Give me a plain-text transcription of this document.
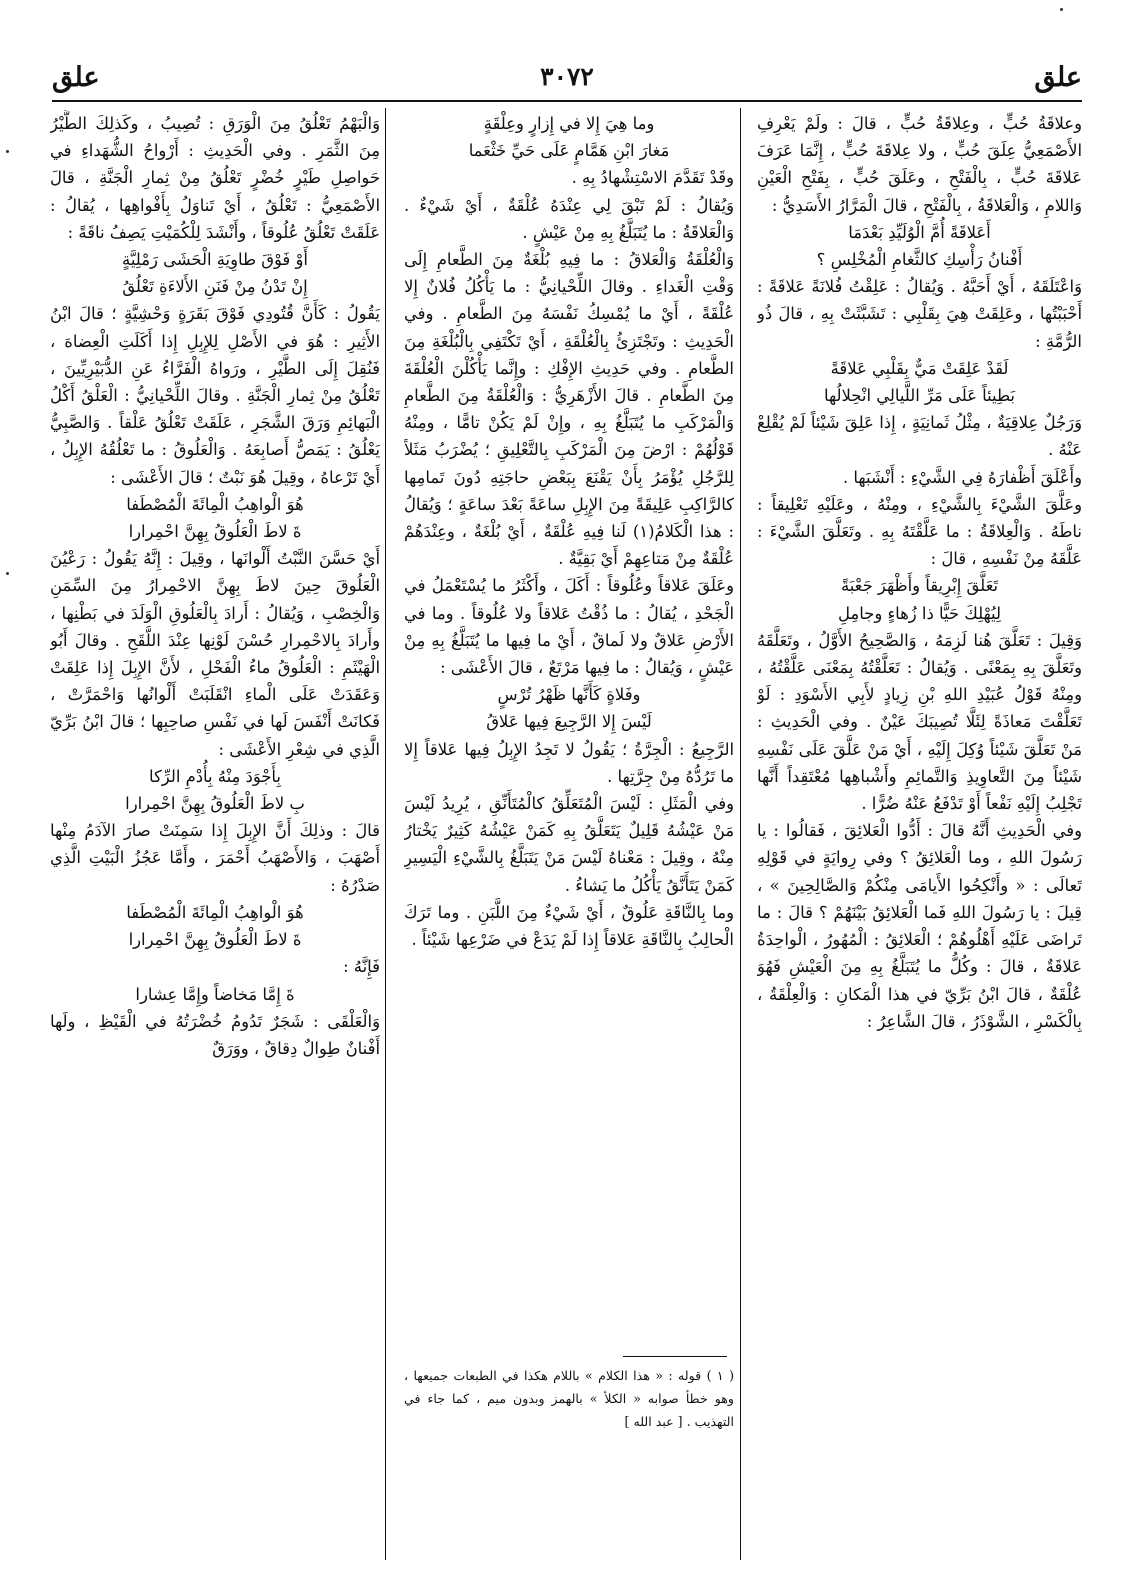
علق
٣٠٧٢
علق

وعلاقَةُ حُبٍّ ، وعِلاقَةُ حُبٍّ ، قالَ : ولَمْ يَعْرِفِ الأَصْمَعِيُّ عِلَقَ حُبٍّ ، ولا عِلاقَةَ حُبٍّ ، إِنَّمَا عَرَفَ عَلاقَةَ حُبٍّ ، بِالْفَتْحِ ، وعَلَقَ حُبٍّ ، بِفَتْحِ الْعَيْنِ وَاللامِ ، وَالْعَلاقَةُ ، بِالْفَتْحِ ، قالَ الْمَرَّارُ الأَسَدِيُّ :

أَعَلاقَةً أُمَّ الْوُلَيِّدِ بَعْدَمَا

أَفْنانُ رَأْسِكِ كالثَّغامِ الْمُخْلِسِ ؟

وَاعْتَلَقَهُ ، أَيْ أَحَبَّهُ . وَيُقالُ : عَلِقْتُ فُلانَةً عَلاقَةً : أَحْبَبْتُها ، وعَلِقَتْ هِيَ بِقَلْبِي : تَشَبَّثَتْ بِهِ ، قالَ ذُو الرُّمَّةِ :

لَقَدْ عَلِقَتْ مَيٌّ بِقَلْبِي عَلاقَةً

بَطِيئاً عَلَى مَرِّ اللَّيالِي انْحِلالُها

وَرَجُلٌ عِلاقِيَةٌ ، مِثْلُ ثَمانِيَةٍ ، إِذا عَلِقَ شَيْئاً لَمْ يُقْلِعْ عَنْهُ .

وأَعْلَقَ أَظْفارَهُ فِي الشَّيْءِ : أَنْشَبَها .

وعَلَّقَ الشَّيْءَ بِالشَّيْءِ ، ومِنْهُ ، وعَلَيْهِ تَعْلِيقاً : ناطَهُ . وَالْعِلاقَةُ : ما عَلَّقْتَهُ بِهِ . وتَعَلَّقَ الشَّيْءَ : عَلَّقَهُ مِنْ نَفْسِهِ ، قالَ :

تَعَلَّقَ إِبْرِيقاً وأَظْهَرَ جَعْبَةً

لِيُهْلِكَ حَيًّا ذا زُهاءٍ وجامِلِ

وَقِيلَ : تَعَلَّقَ هُنا لَزِمَهُ ، وَالصَّحِيحُ الأَوَّلُ ، وتَعَلَّقَهُ وتَعَلَّقَ بِهِ بِمَعْنًى . وَيُقالُ : تَعَلَّقْتُهُ بِمَعْنَى عَلَّقْتُهُ ، ومِنْهُ قَوْلُ عُبَيْدِ اللهِ بْنِ زِيادٍ لأَبِي الأَسْوَدِ : لَوْ تَعَلَّقْتَ مَعاذَةً لِئَلَّا تُصِيبَكَ عَيْنٌ . وفي الْحَدِيثِ : مَنْ تَعَلَّقَ شَيْئاً وُكِلَ إِلَيْهِ ، أَيْ مَنْ عَلَّقَ عَلَى نَفْسِهِ شَيْئاً مِنَ التَّعاوِيذِ وَالتَّمائِمِ وأَشْباهِها مُعْتَقِداً أَنَّها تَجْلِبُ إِلَيْهِ نَفْعاً أَوْ تَدْفَعُ عَنْهُ ضُرًّا .

وفي الْحَدِيثِ أَنَّهُ قالَ : أَدُّوا الْعَلائِقَ ، فَقالُوا : يا رَسُولَ اللهِ ، وما الْعَلائِقُ ؟ وفي رِوايَةٍ في قَوْلِهِ تَعالَى : « وأَنْكِحُوا الأَيامَى مِنْكُمْ وَالصَّالِحِينَ » ، قِيلَ : يا رَسُولَ اللهِ فَما الْعَلائِقُ بَيْنَهُمْ ؟ قالَ : ما تَراضَى عَلَيْهِ أَهْلُوهُمْ ؛ الْعَلائِقُ : الْمُهُورُ ، الْواحِدَةُ عَلاقَةٌ ، قالَ : وكُلُّ ما يُتَبَلَّغُ بِهِ مِنَ الْعَيْشِ فَهُوَ عُلْقَةٌ ، قالَ ابْنُ بَرِّيّ في هذا الْمَكانِ : وَالْعِلْقَةُ ، بِالْكَسْرِ ، الشَّوْذَرُ ، قالَ الشَّاعِرُ :

وما هِيَ إِلا في إِزارٍ وعِلْقَةٍ

مَغارَ ابْنِ هَمَّامٍ عَلَى حَيِّ خَثْعَما

وقَدْ تَقَدَّمَ الاسْتِشْهادُ بِهِ .

وَيُقالُ : لَمْ تَبْقَ لِي عِنْدَهُ عُلْقَةٌ ، أَيْ شَيْءٌ . وَالْعَلاقَةُ : ما يُتَبَلَّغُ بِهِ مِنْ عَيْشٍ .

وَالْعُلْقَةُ وَالْعَلاقُ : ما فِيهِ بُلْغَةٌ مِنَ الطَّعامِ إِلَى وَقْتِ الْغَداءِ . وقالَ اللِّحْيانِيُّ : ما يَأْكُلُ فُلانٌ إِلا عُلْقَةً ، أَيْ ما يُمْسِكُ نَفْسَهُ مِنَ الطَّعامِ . وفي الْحَدِيثِ : وتَجْتَزِئُ بِالْعُلْقَةِ ، أَيْ تَكْتَفِي بِالْبُلْغَةِ مِنَ الطَّعامِ . وفي حَدِيثِ الإِفْكِ : وإِنَّما يَأْكُلْنَ الْعُلْقَةَ مِنَ الطَّعامِ . قالَ الأَزْهَرِيُّ : وَالْعُلْقَةُ مِنَ الطَّعامِ وَالْمَرْكَبِ ما يُتَبَلَّغُ بِهِ ، وإِنْ لَمْ يَكُنْ تامًّا ، ومِنْهُ قَوْلُهُمْ : ارْضَ مِنَ الْمَرْكَبِ بِالتَّعْلِيقِ ؛ يُضْرَبُ مَثَلاً لِلرَّجُلِ يُؤْمَرُ بِأَنْ يَقْنَعَ بِبَعْضِ حاجَتِهِ دُونَ تَمامِها كالرَّاكِبِ عَلِيقَةً مِنَ الإِبِلِ ساعَةً بَعْدَ ساعَةٍ ؛ وَيُقالُ : هذا الْكَلامُ(١) لَنا فِيهِ عُلْقَةٌ ، أَيْ بُلْغَةٌ ، وعِنْدَهُمْ عُلْقَةٌ مِنْ مَتاعِهِمْ أَيْ بَقِيَّةٌ .

وعَلَقَ عَلاقاً وعُلُوقاً : أَكَلَ ، وأَكْثَرُ ما يُسْتَعْمَلُ في الْجَحْدِ ، يُقالُ : ما ذُقْتُ عَلاقاً ولا عُلُوقاً . وما في الأَرْضِ عَلاقٌ ولا لَماقٌ ، أَيْ ما فِيها ما يُتَبَلَّغُ بِهِ مِنْ عَيْشٍ ، وَيُقالُ : ما فِيها مَرْتَعٌ ، قالَ الأَعْشَى :

وفَلاةٍ كَأَنَّها ظَهْرُ تُرْسٍ

لَيْسَ إِلا الرَّجِيعَ فِيها عَلاقُ

الرَّجِيعُ : الْجِرَّةُ ؛ يَقُولُ لا تَجِدُ الإِبِلُ فِيها عَلاقاً إِلا ما تَرُدُّهُ مِنْ جِرَّتِها .

وفي الْمَثَلِ : لَيْسَ الْمُتَعَلِّقُ كالْمُتَأَنِّقِ ، يُرِيدُ لَيْسَ مَنْ عَيْشُهُ قَلِيلٌ يَتَعَلَّقُ بِهِ كَمَنْ عَيْشُهُ كَثِيرٌ يَخْتارُ مِنْهُ ، وقِيلَ : مَعْناهُ لَيْسَ مَنْ يَتَبَلَّغُ بِالشَّيْءِ الْيَسِيرِ كَمَنْ يَتَأَنَّقُ يَأْكُلُ ما يَشاءُ .

وما بِالنَّاقَةِ عَلُوقٌ ، أَيْ شَيْءٌ مِنَ اللَّبَنِ . وما تَرَكَ الْحالِبُ بِالنَّاقَةِ عَلاقاً إِذا لَمْ يَدَعْ في ضَرْعِها شَيْئاً .

( ١ ) قوله : « هذا الكلام » باللام هكذا في الطبعات جميعها ، وهو خطأ صوابه « الكلأ » بالهمز وبدون ميم ، كما جاء في التهذيب . [ عبد الله ]

وَالْبَهْمُ تَعْلُقُ مِنَ الْوَرَقِ : تُصِيبُ ، وكَذلِكَ الطَّيْرُ مِنَ الثَّمَرِ . وفي الْحَدِيثِ : أَرْواحُ الشُّهَداءِ في حَواصِلِ طَيْرٍ خُضْرٍ تَعْلُقُ مِنْ ثِمارِ الْجَنَّةِ ، قالَ الأَصْمَعِيُّ : تَعْلُقُ ، أَيْ تَناوَلُ بِأَفْواهِها ، يُقالُ : عَلَقَتْ تَعْلُقُ عُلُوقاً ، وأَنْشَدَ لِلْكُمَيْتِ يَصِفُ ناقَةً :

أَوْ فَوْقَ طاوِيَةِ الْحَشَى رَمْلِيَّةٍ

إِنْ تَدْنُ مِنْ فَنَنِ الأَلاءَةِ تَعْلُقُ

يَقُولُ : كَأَنَّ قُتُودِي فَوْقَ بَقَرَةٍ وَحْشِيَّةٍ ؛ قالَ ابْنُ الأَثِيرِ : هُوَ في الأَصْلِ لِلإِبِلِ إِذا أَكَلَتِ الْعِضاهَ ، فَنُقِلَ إِلَى الطَّيْرِ ، ورَواهُ الْفَرَّاءُ عَنِ الدُّبَيْرِيِّينَ ، تَعْلُقُ مِنْ ثِمارِ الْجَنَّةِ . وقالَ اللِّحْيانِيُّ : الْعَلْقُ أَكْلُ الْبَهائِمِ وَرَقَ الشَّجَرِ ، عَلَقَتْ تَعْلُقُ عَلْقاً . وَالصَّبِيُّ يَعْلُقُ : يَمَصُّ أَصابِعَهُ . وَالْعَلُوقُ : ما تَعْلُقُهُ الإِبِلُ ، أَيْ تَرْعاهُ ، وقِيلَ هُوَ نَبْتٌ ؛ قالَ الأَعْشَى :

هُوَ الْواهِبُ الْمِائَةَ الْمُصْطَفا

ةَ لاطَ الْعَلُوقُ بِهِنَّ احْمِرارا

أَيْ حَسَّنَ النَّبْتُ أَلْوانَها ، وقِيلَ : إِنَّهُ يَقُولُ : رَعْيُنَ الْعَلُوقَ حِينَ لاطَ بِهِنَّ الاحْمِرارُ مِنَ السِّمَنِ وَالْخِصْبِ ، وَيُقالُ : أَرادَ بِالْعَلُوقِ الْوَلَدَ في بَطْنِها ، وأَرادَ بِالاحْمِرارِ حُسْنَ لَوْنِها عِنْدَ اللَّقَحِ . وقالَ أَبُو الْهَيْثَمِ : الْعَلُوقُ ماءُ الْفَحْلِ ، لأَنَّ الإِبِلَ إِذا عَلِقَتْ وَعَقَدَتْ عَلَى الْماءِ انْقَلَبَتْ أَلْوانُها وَاحْمَرَّتْ ، فَكانَتْ أَنْفَسَ لَها في نَفْسِ صاحِبِها ؛ قالَ ابْنُ بَرِّيّ الَّذِي في شِعْرِ الأَعْشَى :

بِأَجْوَدَ مِنْهُ بِأُدْمِ الرِّكا

بِ لاطَ الْعَلُوقُ بِهِنَّ احْمِرارا

قالَ : وذلِكَ أَنَّ الإِبِلَ إِذا سَمِنَتْ صارَ الآدَمُ مِنْها أَصْهَبَ ، وَالأَصْهَبُ أَحْمَرَ ، وأَمَّا عَجُزُ الْبَيْتِ الَّذِي صَدْرُهُ :

هُوَ الْواهِبُ الْمِائَةَ الْمُصْطَفا

ةَ لاطَ الْعَلُوقُ بِهِنَّ احْمِرارا

فَإِنَّهُ :

ةَ إِمَّا مَخاضاً وإِمَّا عِشارا

وَالْعَلْقَى : شَجَرٌ تَدُومُ خُضْرَتُهُ في الْقَيْظِ ، ولَها أَفْنانٌ طِوالٌ دِقاقٌ ، ووَرَقٌ
